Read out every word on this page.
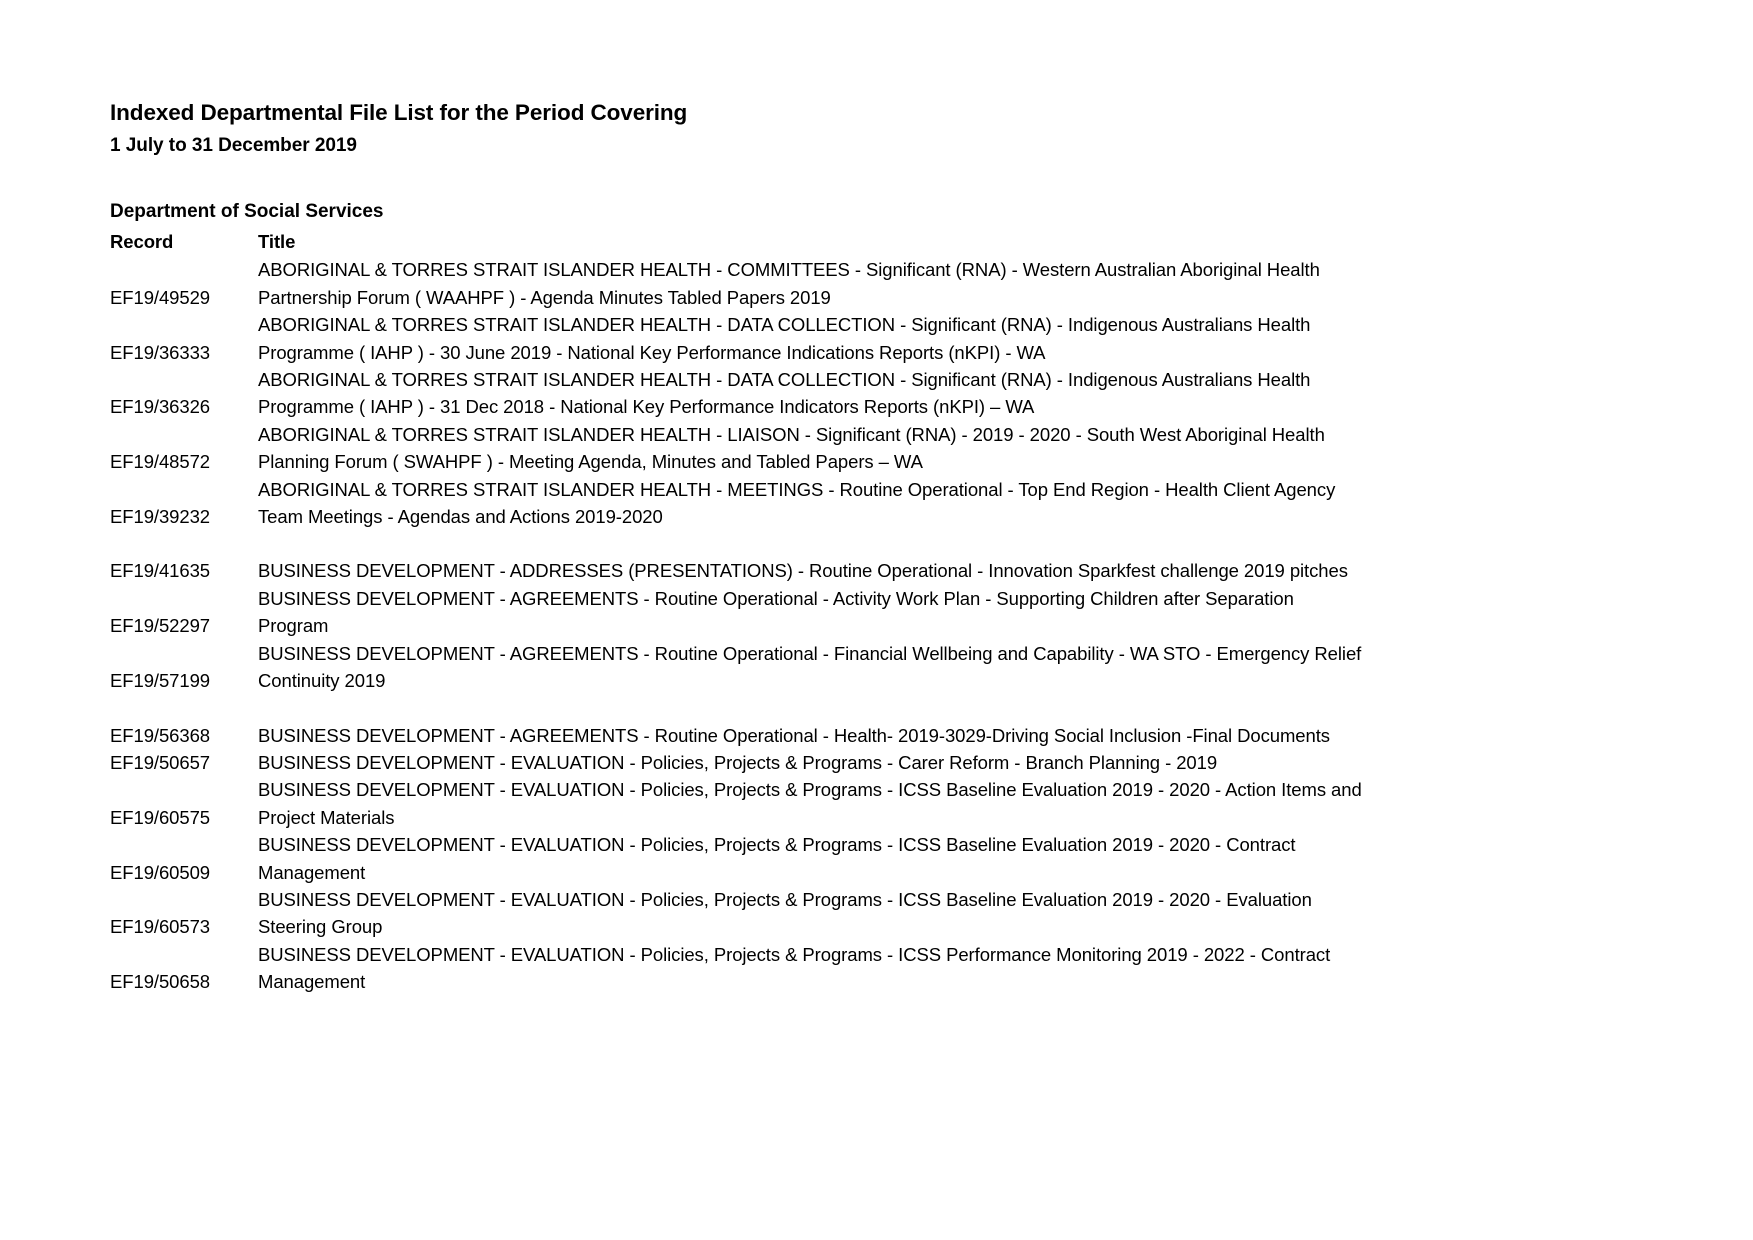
Indexed Departmental File List for the Period Covering
1 July to 31 December 2019
Department of Social Services
Record	Title
EF19/49529	ABORIGINAL & TORRES STRAIT ISLANDER HEALTH - COMMITTEES - Significant (RNA) - Western Australian Aboriginal Health
Partnership Forum ( WAAHPF ) - Agenda Minutes Tabled Papers 2019

EF19/36333	ABORIGINAL & TORRES STRAIT ISLANDER HEALTH - DATA COLLECTION - Significant (RNA) - Indigenous Australians Health
Programme ( IAHP ) - 30 June 2019 - National Key Performance Indications Reports (nKPI) - WA

EF19/36326	ABORIGINAL & TORRES STRAIT ISLANDER HEALTH - DATA COLLECTION - Significant (RNA) - Indigenous Australians Health
Programme ( IAHP ) - 31 Dec 2018 - National Key Performance Indicators Reports (nKPI) – WA

EF19/48572	ABORIGINAL & TORRES STRAIT ISLANDER HEALTH - LIAISON - Significant (RNA) - 2019 - 2020 - South West Aboriginal Health
Planning Forum ( SWAHPF ) - Meeting Agenda, Minutes and Tabled Papers – WA

EF19/39232	ABORIGINAL & TORRES STRAIT ISLANDER HEALTH - MEETINGS - Routine Operational - Top End Region - Health Client Agency
Team Meetings - Agendas and Actions 2019-2020

EF19/41635	BUSINESS DEVELOPMENT - ADDRESSES (PRESENTATIONS) - Routine Operational - Innovation Sparkfest challenge 2019 pitches

EF19/52297	BUSINESS DEVELOPMENT - AGREEMENTS - Routine Operational - Activity Work Plan - Supporting Children after Separation
Program

EF19/57199	BUSINESS DEVELOPMENT - AGREEMENTS - Routine Operational - Financial Wellbeing and Capability - WA STO - Emergency Relief
Continuity 2019

EF19/56368	BUSINESS DEVELOPMENT - AGREEMENTS - Routine Operational - Health- 2019-3029-Driving Social Inclusion -Final Documents

EF19/50657	BUSINESS DEVELOPMENT - EVALUATION - Policies, Projects & Programs - Carer Reform - Branch Planning - 2019

EF19/60575	BUSINESS DEVELOPMENT - EVALUATION - Policies, Projects & Programs - ICSS Baseline Evaluation 2019 - 2020 - Action Items and
Project Materials

EF19/60509	BUSINESS DEVELOPMENT - EVALUATION - Policies, Projects & Programs - ICSS Baseline Evaluation 2019 - 2020 - Contract
Management

EF19/60573	BUSINESS DEVELOPMENT - EVALUATION - Policies, Projects & Programs - ICSS Baseline Evaluation 2019 - 2020 - Evaluation
Steering Group

EF19/50658	BUSINESS DEVELOPMENT - EVALUATION - Policies, Projects & Programs - ICSS Performance Monitoring 2019 - 2022 - Contract
Management
